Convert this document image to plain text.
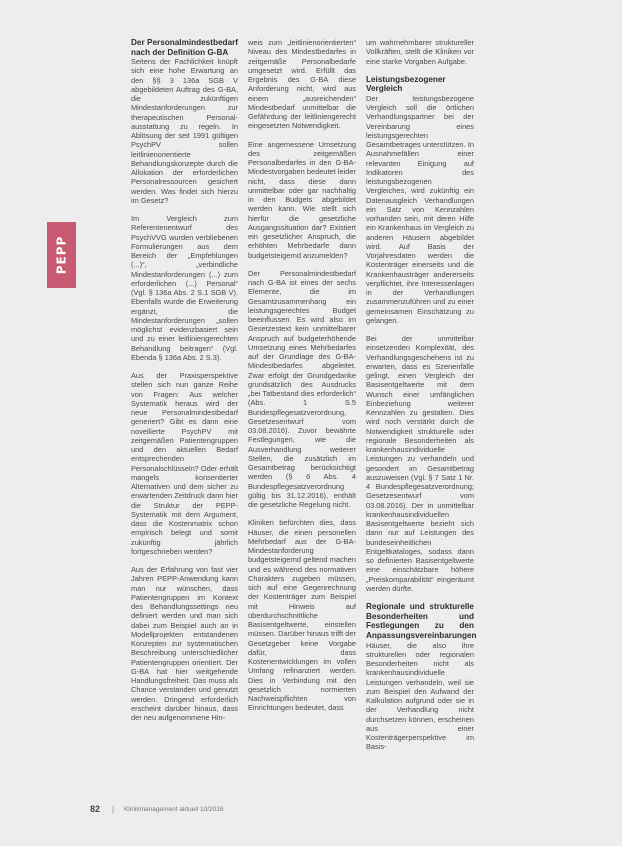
PEPP
Der Personalmindestbedarf nach der Definition G-BA

Seitens der Fachlichkeit knüpft sich eine hohe Erwartung an den §§ 3 136a SGB V abgebildeten Auftrag des G-BA, die zukünftigen Mindestanforderungen zur therapeutischen Personal-ausstattung zu regeln. In Ablösung der seit 1991 gültigen PsychPV sollen leitlinienorientierte Behandlungskonzepte durch die Allokation der erforderlichen Personalressourcen gesichert werden. Was findet sich hierzu im Gesetz?

Im Vergleich zum Referentenentwurf des PsychVVG wurden verbliebenen Formulierungen aus dem Bereich der „Empfehlungen (...)“, „verbindliche Mindestanforderungen (...) zum erforderlichen (...) Personal“ (Vgl. § 136a Abs. 2 S.1 SGB V). Ebenfalls wurde die Erweiterung ergänzt, die Mindestanforderungen „sollen möglichst evidenzbasiert sein und zu einer leitliniengerechten Behandlung beitragen“ (Vgl. Ebenda § 136a Abs. 2 S.3).

Aus der Praxisperspektive stellen sich nun ganze Reihe von Fragen: Aus welcher Systematik heraus wird der neue Personalmindestbedarf generiert? Gibt es dann eine novellierte PsychPV mit zeitgemäßen Patientengruppen und den aktuellen Bedarf entsprechenden Personalschlüsseln? Oder erhält mangels konsentierter Alternativen und dem sicher zu erwartenden Zeitdruck dann hier die Struktur der PEPP-Systematik mit dem Argument, dass die Kostenmatrix schon empirisch belegt und somit zukünftig jährlich fortgeschrieben werden?

Aus der Erfahrung von fast vier Jahren PEPP-Anwendung kann man nur wünschen, dass Patientengruppen im Kontext des Behandlungssettings neu definiert werden und man sich dabei zum Beispiel auch an in Modellprojekten entstandenen Konzepten zur systematischen Beschreibung unterschiedlicher Patientengruppen orientiert. Der G-BA hat hier weitgehende Handlungsfreiheit. Das muss als Chance verstanden und genutzt werden. Dringend erforderlich erscheint darüber hinaus, dass der neu aufgenommene Hin-

weis zum „leitlinienorientierten“ Niveau des Mindestbedarfes in zeitgemäße Personalbedarfe umgesetzt wird. Erfüllt das Ergebnis des G-BA diese Anforderung nicht, wird aus einem „ausreichenden“ Mindestbedarf unmittelbar die Gefährdung der leitliniengerecht eingesetzten Notwendigkeit.

Eine angemessene Umsetzung des zeitgemäßen Personalbedarfes in den G-BA-Mindestvorgaben bedeutet leider nicht, dass diese dann unmittelbar oder gar nachhaltig in den Budgets abgebildet werden kann. Wie stellt sich hierfür die gesetzliche Ausgangssituation dar? Existiert ein gesetzlicher Anspruch, die erhöhten Mehrbedarfe dann budgetsteigernd anzumelden?

Der Personalmindestbedarf nach G-BA ist eines der sechs Elemente, die im Gesamtzusammenhang ein leistungsgerechtes Budget beeinflussen. Es wird also im Gesetzestext kein unmittelbarer Anspruch auf budgeterhöhende Umsetzung eines Mehrbedarfes auf der Grundlage des G-BA-Mindestbedarfes abgeleitet. Zwar erfolgt der Grundgedanke grundsätzlich des Ausdrucks „bei Tatbestand dies erforderlich“ (Abs. 1 S.5 Bundespflegesatzverordnung, Gesetzesentwurf vom 03.08.2016). Zuvor bewährte Festlegungen, wie die Ausverhandlung weiterer Stellen, die zusätzlich im Gesamtbetrag berücksichtigt werden (§ 6 Abs. 4 Bundespflegesatzverordnung gültig bis 31.12.2016), enthält die gesetzliche Regelung nicht.

Kliniken befürchten dies, dass Häuser, die einen personellen Mehrbedarf aus der G-BA-Mindestanforderung budgetsteigernd geltend machen und es während des normativen Charakters zugeben müssen, sich auf eine Gegenrechnung der Kostenträger zum Beispiel mit Hinweis auf überdurchschnittliche Basisentgeltwerte, einstellen müssen. Darüber hinaus trifft der Gesetzgeber keine Vorgabe dafür, dass Kostenentwicklungen im vollen Umfang refinanziert werden. Dies in Verbindung mit den gesetzlich normierten Nachweispflichten von Einrichtungen bedeutet, dass

um wahrnehmbarer struktureller Vollkräften, stellt die Kliniken vor eine starke Vorgaben Aufgabe.

Leistungsbezogener Vergleich

Der leistungsbezogene Vergleich soll die örtlichen Verhandlungspartner bei der Vereinbarung eines leistungsgerechten Gesamtbetrages unterstützen. In Ausnahmefällen einer relevanten Einigung auf Indikatoren des leistungsbezogenen Vergleiches, wird zukünftig ein Datenausgleich Verhandlungen ein Satz von Kennzahlen vorhanden sein, mit deren Hilfe ein Krankenhaus im Vergleich zu anderen Häusern abgebildet wird. Auf Basis der Vorjahresdaten werden die Kostenträger einerseits und die Krankenhausträger andererseits verpflichtet, ihre Interessenlagen in der Verhandlungen zusammenzuführen und zu einer gemeinsamen Einschätzung zu gelangen.

Bei der unmittelbar einsetzenden Komplexität, des Verhandlungsgeschehens ist zu erwarten, dass es Szenenfälle gelingt, einen Vergleich der Basisentgeltwerte mit dem Wunsch einer umfänglichen Einbeziehung weiterer Kennzahlen zu gestalten. Dies wird noch verstärkt durch die Notwendigkeit strukturelle oder regionale Besonderheiten als krankenhausindividuelle Leistungen zu verhandeln und gesondert im Gesamtbetrag auszuweisen (Vgl. § 7 Satz 1 Nr. 4 Bundespflegesatzverordnung; Gesetzesentwurf vom 03.08.2016). Der in unmittelbar krankenhausindividuellen Basisentgeltwerte bezieht sich dann nur auf Leistungen des bundeseinheitlichen Entgeltkataloges, sodass dann so definierten Basisentgeltwerte eine einschätzbare höhere „Preiskomparabilität“ eingeräumt werden dürfte.

Regionale und strukturelle Besonderheiten und Festlegungen zu den Anpassungsvereinbarungen

Häuser, die also ihre strukturellen oder regionalen Besonderheiten nicht als krankenhausindividuelle Leistungen verhandeln, weil sie zum Beispiel den Aufwand der Kalkulation aufgrund oder sie in der Verhandlung nicht durchsetzen können, erscheinen aus einer Kostenträgerperspektive im Basis-

82 | Klinikmanagement aktuell 10/2016
